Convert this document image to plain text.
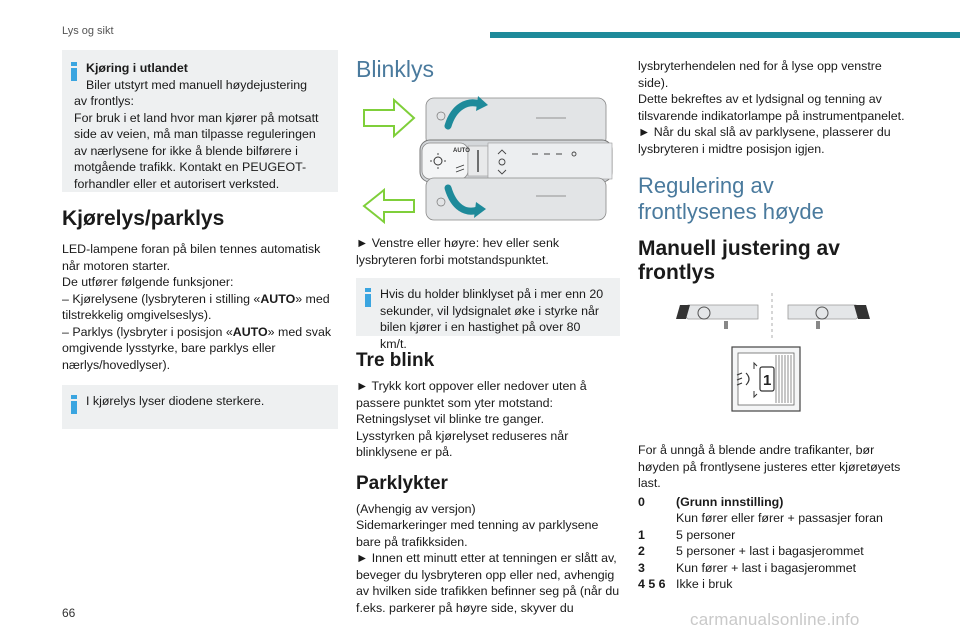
Lys og sikt
Kjøring i utlandet
Biler utstyrt med manuell høydejustering
av frontlys:
For bruk i et land hvor man kjører på motsatt
side av veien, må man tilpasse reguleringen
av nærlysene for ikke å blende bilførere i
motgående trafikk. Kontakt en PEUGEOT-
forhandler eller et autorisert verksted.
Kjørelys/parklys
LED-lampene foran på bilen tennes automatisk når motoren starter.
De utfører følgende funksjoner:
– Kjørelysene (lysbryteren i stilling «AUTO» med tilstrekkelig omgivelseslys).
– Parklys (lysbryter i posisjon «AUTO» med svak omgivende lysstyrke, bare parklys eller nærlys/hovedlyser).
I kjørelys lyser diodene sterkere.
Blinklys
AUTO
► Venstre eller høyre: hev eller senk lysbryteren forbi motstandspunktet.
Hvis du holder blinklyset på i mer enn 20 sekunder, vil lydsignalet øke i styrke når bilen kjører i en hastighet på over 80 km/t.
Tre blink
► Trykk kort oppover eller nedover uten å passere punktet som yter motstand:
Retningslyset vil blinke tre ganger.
Lysstyrken på kjørelyset reduseres når blinklysene er på.
Parklykter
(Avhengig av versjon)
Sidemarkeringer med tenning av parklysene bare på trafikksiden.
► Innen ett minutt etter at tenningen er slått av, beveger du lysbryteren opp eller ned, avhengig av hvilken side trafikken befinner seg på (når du f.eks. parkerer på høyre side, skyver du
lysbryterhendelen ned for å lyse opp venstre side).
Dette bekreftes av et lydsignal og tenning av tilsvarende indikatorlampe på instrumentpanelet.
► Når du skal slå av parklysene, plasserer du lysbryteren i midtre posisjon igjen.
Regulering av frontlysenes høyde
Manuell justering av frontlys
1
For å unngå å blende andre trafikanter, bør høyden på frontlysene justeres etter kjøretøyets last.
0	(Grunn innstilling)
Kun fører eller fører + passasjer foran
1	5 personer
2	5 personer + last i bagasjerommet
3	Kun fører + last i bagasjerommet
4 5 6 Ikke i bruk
66	carmanualsonline.info
